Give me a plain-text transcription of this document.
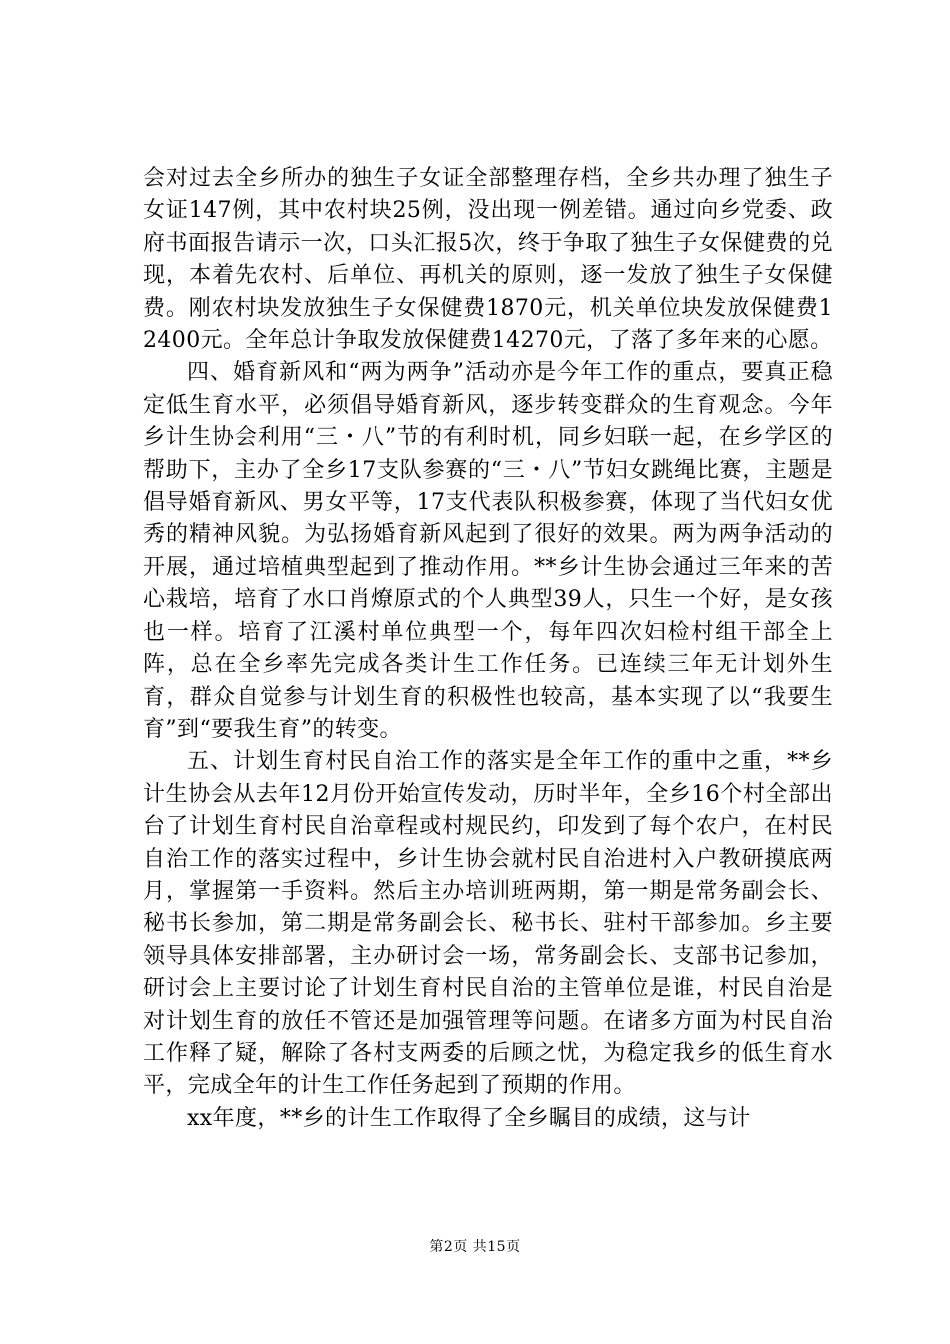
会对过去全乡所办的独生子女证全部整理存档，全乡共办理了独生子女证147例，其中农村块25例，没出现一例差错。通过向乡党委、政府书面报告请示一次，口头汇报5次，终于争取了独生子女保健费的兑现，本着先农村、后单位、再机关的原则，逐一发放了独生子女保健费。刚农村块发放独生子女保健费1870元，机关单位块发放保健费12400元。全年总计争取发放保健费14270元，了落了多年来的心愿。

四、婚育新风和“两为两争”活动亦是今年工作的重点，要真正稳定低生育水平，必须倡导婚育新风，逐步转变群众的生育观念。今年乡计生协会利用“三・八”节的有利时机，同乡妇联一起，在乡学区的帮助下，主办了全乡17支队参赛的“三・八”节妇女跳绳比赛，主题是倡导婚育新风、男女平等，17支代表队积极参赛，体现了当代妇女优秀的精神风貌。为弘扬婚育新风起到了很好的效果。两为两争活动的开展，通过培植典型起到了推动作用。**乡计生协会通过三年来的苦心栽培，培育了水口肖燎原式的个人典型39人，只生一个好，是女孩也一样。培育了江溪村单位典型一个，每年四次妇检村组干部全上阵，总在全乡率先完成各类计生工作任务。已连续三年无计划外生育，群众自觉参与计划生育的积极性也较高，基本实现了以“我要生育”到“要我生育”的转变。

五、计划生育村民自治工作的落实是全年工作的重中之重，**乡计生协会从去年12月份开始宣传发动，历时半年，全乡16个村全部出台了计划生育村民自治章程或村规民约，印发到了每个农户，在村民自治工作的落实过程中，乡计生协会就村民自治进村入户教研摸底两月，掌握第一手资料。然后主办培训班两期，第一期是常务副会长、秘书长参加，第二期是常务副会长、秘书长、驻村干部参加。乡主要领导具体安排部署，主办研讨会一场，常务副会长、支部书记参加，研讨会上主要讨论了计划生育村民自治的主管单位是谁，村民自治是对计划生育的放任不管还是加强管理等问题。在诸多方面为村民自治工作释了疑，解除了各村支两委的后顾之忧，为稳定我乡的低生育水平，完成全年的计生工作任务起到了预期的作用。

xx年度，**乡的计生工作取得了全乡瞩目的成绩，这与计

第2页 共15页
